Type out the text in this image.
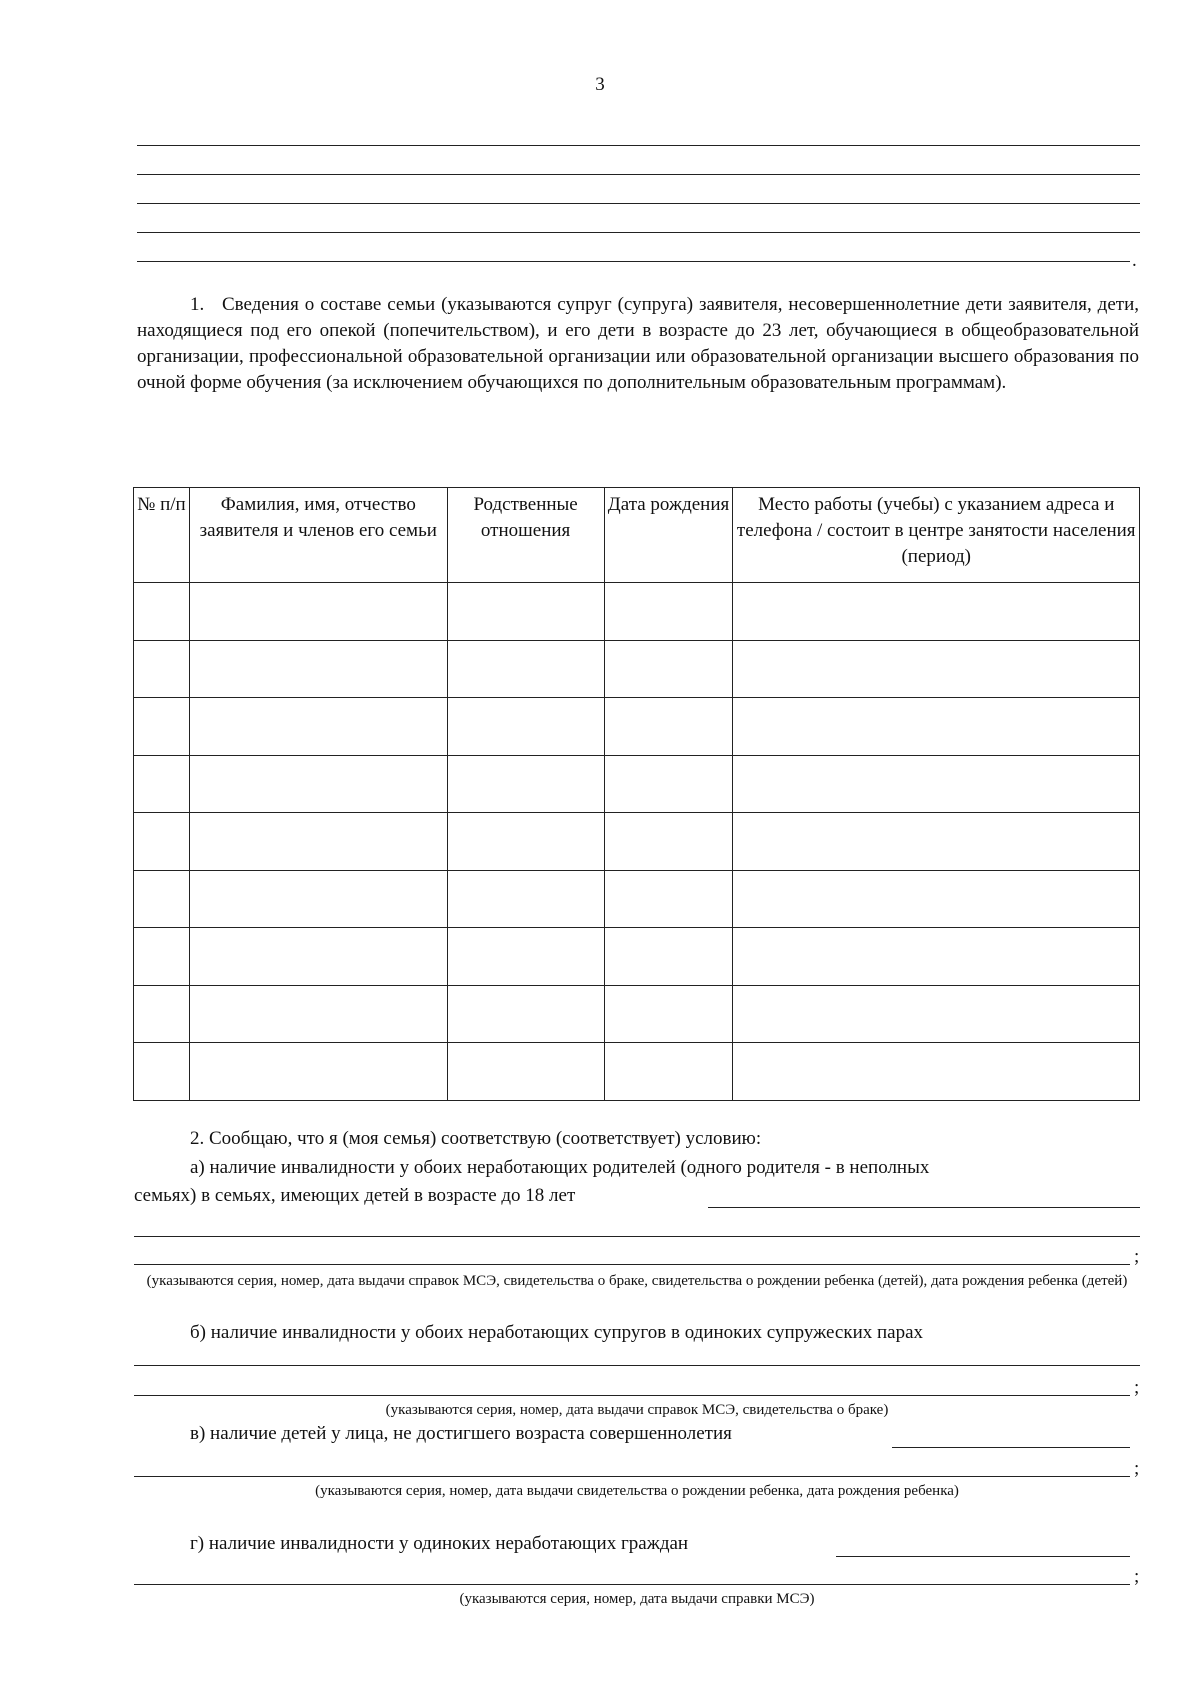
3
.
1. Сведения о составе семьи (указываются супруг (супруга) заявителя, несовершеннолетние дети заявителя, дети, находящиеся под его опекой (попечительством), и его дети в возрасте до 23 лет, обучающиеся в общеобразовательной организации, профессиональной образовательной организации или образовательной организации высшего образования по очной форме обучения (за исключением обучающихся по дополнительным образовательным программам).
№ п/п	Фамилия, имя, отчество заявителя и членов его семьи	Родственные отношения	Дата рождения	Место работы (учебы) с указанием адреса и телефона / состоит в центре занятости населения (период)

2. Сообщаю, что я (моя семья) соответствую (соответствует) условию:
а) наличие инвалидности у обоих неработающих родителей (одного родителя - в неполных
семьях) в семьях, имеющих детей в возрасте до 18 лет
;
(указываются серия, номер, дата выдачи справок МСЭ, свидетельства о браке, свидетельства о рождении ребенка (детей), дата рождения ребенка (детей)
б) наличие инвалидности у обоих неработающих супругов в одиноких супружеских парах
;
(указываются серия, номер, дата выдачи справок МСЭ, свидетельства о браке)
в) наличие детей у лица, не достигшего возраста совершеннолетия
;
(указываются серия, номер, дата выдачи свидетельства о рождении ребенка, дата рождения ребенка)
г) наличие инвалидности у одиноких неработающих граждан
;
(указываются серия, номер, дата выдачи справки МСЭ)
